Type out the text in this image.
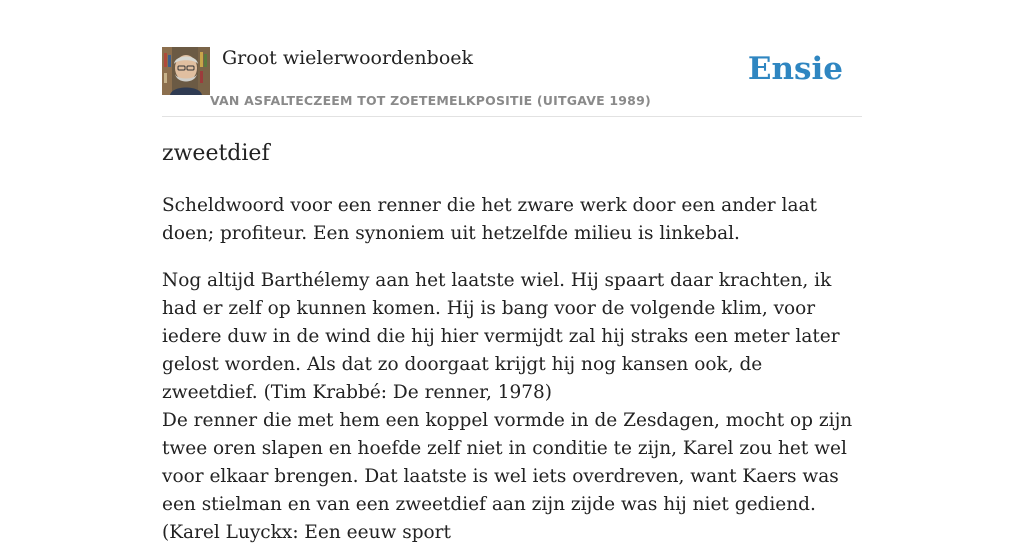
Groot wielerwoordenboek
VAN ASFALTECZEEM TOT ZOETEMELKPOSITIE (UITGAVE 1989)
Ensie
zweetdief

Scheldwoord voor een renner die het zware werk door een ander laat doen; profiteur. Een synoniem uit hetzelfde milieu is linkebal.

Nog altijd Barthélemy aan het laatste wiel. Hij spaart daar krachten, ik had er zelf op kunnen komen. Hij is bang voor de volgende klim, voor iedere duw in de wind die hij hier vermijdt zal hij straks een meter later gelost worden. Als dat zo doorgaat krijgt hij nog kansen ook, de zweetdief. (Tim Krabbé: De renner, 1978)

De renner die met hem een koppel vormde in de Zesdagen, mocht op zijn twee oren slapen en hoefde zelf niet in conditie te zijn, Karel zou het wel voor elkaar brengen. Dat laatste is wel iets overdreven, want Kaers was een stielman en van een zweetdief aan zijn zijde was hij niet gediend. (Karel Luyckx: Een eeuw sport
